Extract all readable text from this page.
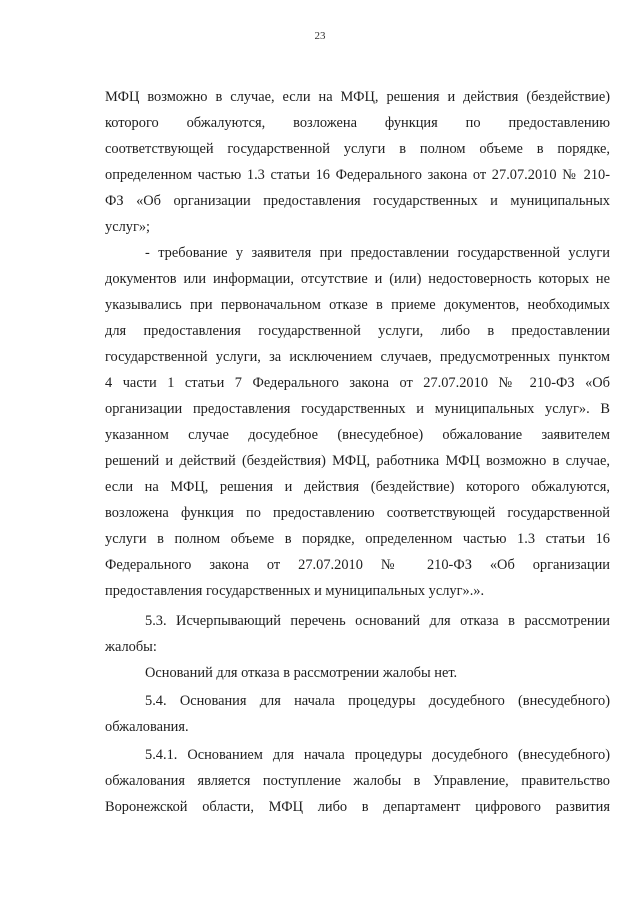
23
МФЦ возможно в случае, если на МФЦ, решения и действия (бездействие)
которого обжалуются, возложена функция по предоставлению
соответствующей государственной услуги в полном объеме в порядке,
определенном частью 1.3 статьи 16 Федерального закона от 27.07.2010 № 210-
ФЗ «Об организации предоставления государственных и муниципальных
услуг»;
- требование у заявителя при предоставлении государственной услуги
документов или информации, отсутствие и (или) недостоверность которых не
указывались при первоначальном отказе в приеме документов, необходимых
для предоставления государственной услуги, либо в предоставлении
государственной услуги, за исключением случаев, предусмотренных пунктом
4 части 1 статьи 7 Федерального закона от 27.07.2010 № 210-ФЗ «Об
организации предоставления государственных и муниципальных услуг». В
указанном случае досудебное (внесудебное) обжалование заявителем
решений и действий (бездействия) МФЦ, работника МФЦ возможно в случае,
если на МФЦ, решения и действия (бездействие) которого обжалуются,
возложена функция по предоставлению соответствующей государственной
услуги в полном объеме в порядке, определенном частью 1.3 статьи 16
Федерального закона от 27.07.2010 № 210-ФЗ «Об организации
предоставления государственных и муниципальных услуг».».
5.3. Исчерпывающий перечень оснований для отказа в рассмотрении
жалобы:
Оснований для отказа в рассмотрении жалобы нет.
5.4. Основания для начала процедуры досудебного (внесудебного)
обжалования.
5.4.1. Основанием для начала процедуры досудебного (внесудебного)
обжалования является поступление жалобы в Управление, правительство
Воронежской области, МФЦ либо в департамент цифрового развития
